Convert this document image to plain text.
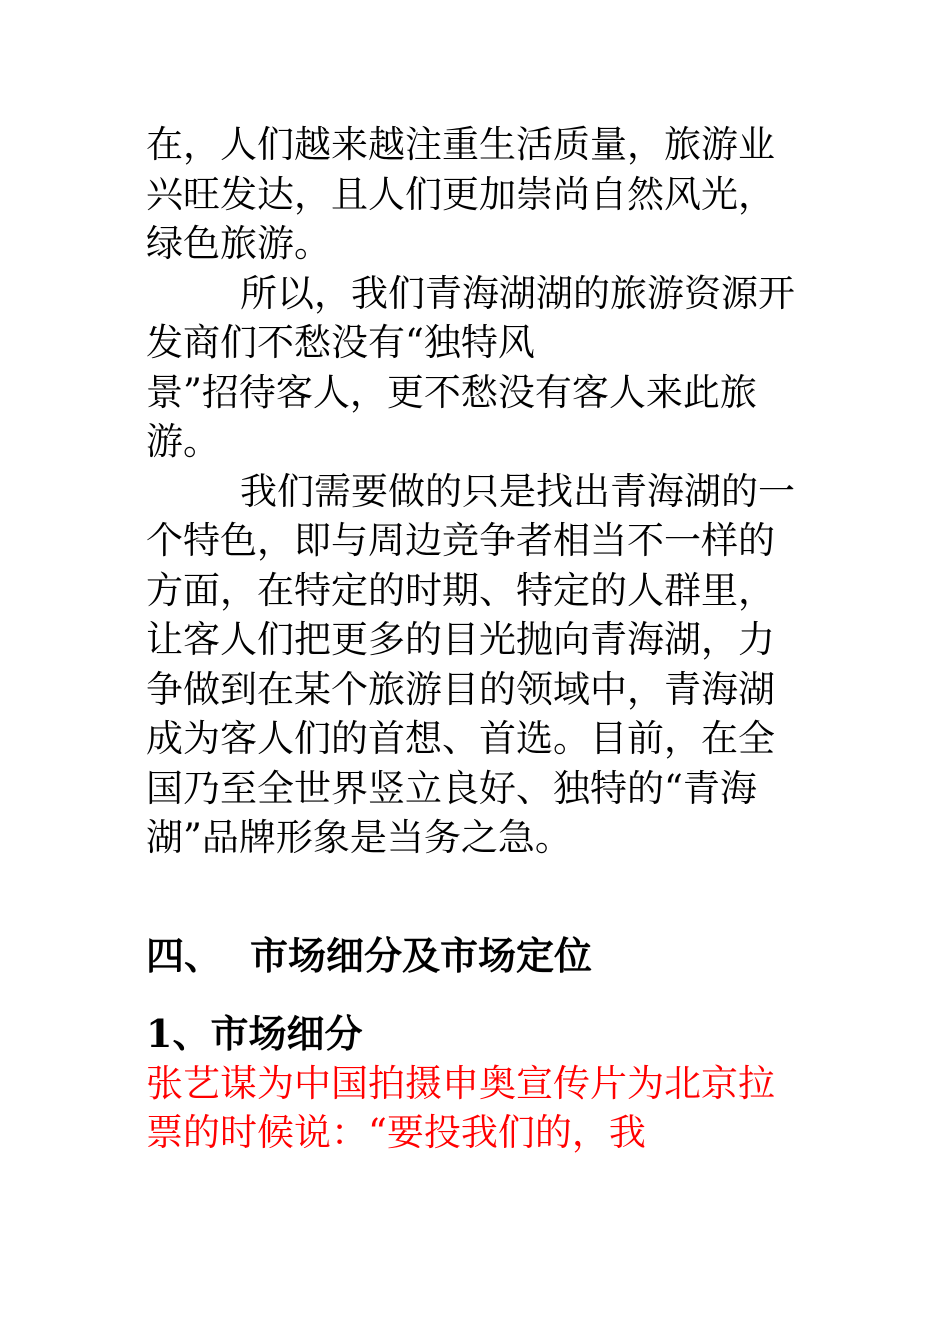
在，人们越来越注重生活质量，旅游业兴旺发达，且人们更加崇尚自然风光，绿色旅游。

所以，我们青海湖湖的旅游资源开发商们不愁没有“独特风
景”招待客人，更不愁没有客人来此旅游。

我们需要做的只是找出青海湖的一个特色，即与周边竞争者相当不一样的方面，在特定的时期、特定的人群里，让客人们把更多的目光抛向青海湖，力争做到在某个旅游目的领域中，青海湖成为客人们的首想、首选。目前，在全国乃至全世界竖立良好、独特的“青海湖”品牌形象是当务之急。

四、 市场细分及市场定位
1、市场细分

张艺谋为中国拍摄申奥宣传片为北京拉票的时候说：“要投我们的，我
